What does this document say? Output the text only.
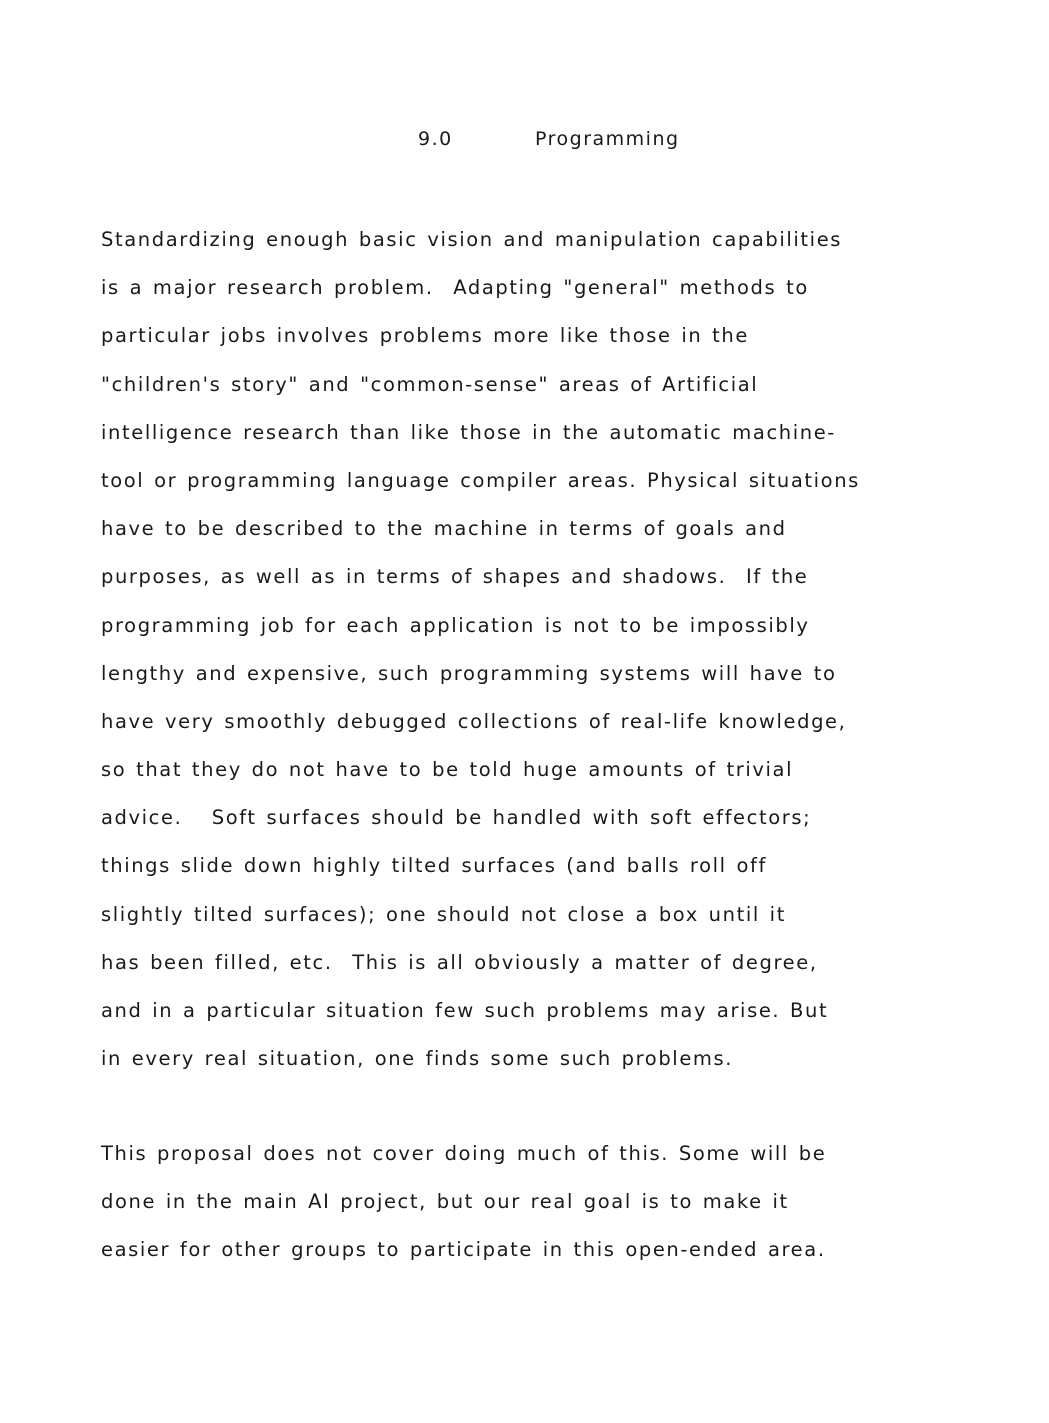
9.0	Programming
Standardizing enough basic vision and manipulation capabilities
is a major research problem.  Adapting "general" methods to
particular jobs involves problems more like those in the
"children's story" and "common-sense" areas of Artificial
intelligence research than like those in the automatic machine-
tool or programming language compiler areas. Physical situations
have to be described to the machine in terms of goals and
purposes, as well as in terms of shapes and shadows.  If the
programming job for each application is not to be impossibly
lengthy and expensive, such programming systems will have to
have very smoothly debugged collections of real-life knowledge,
so that they do not have to be told huge amounts of trivial
advice.   Soft surfaces should be handled with soft effectors;
things slide down highly tilted surfaces (and balls roll off
slightly tilted surfaces); one should not close a box until it
has been filled, etc.  This is all obviously a matter of degree,
and in a particular situation few such problems may arise. But
in every real situation, one finds some such problems.
This proposal does not cover doing much of this. Some will be
done in the main AI project, but our real goal is to make it
easier for other groups to participate in this open-ended area.
